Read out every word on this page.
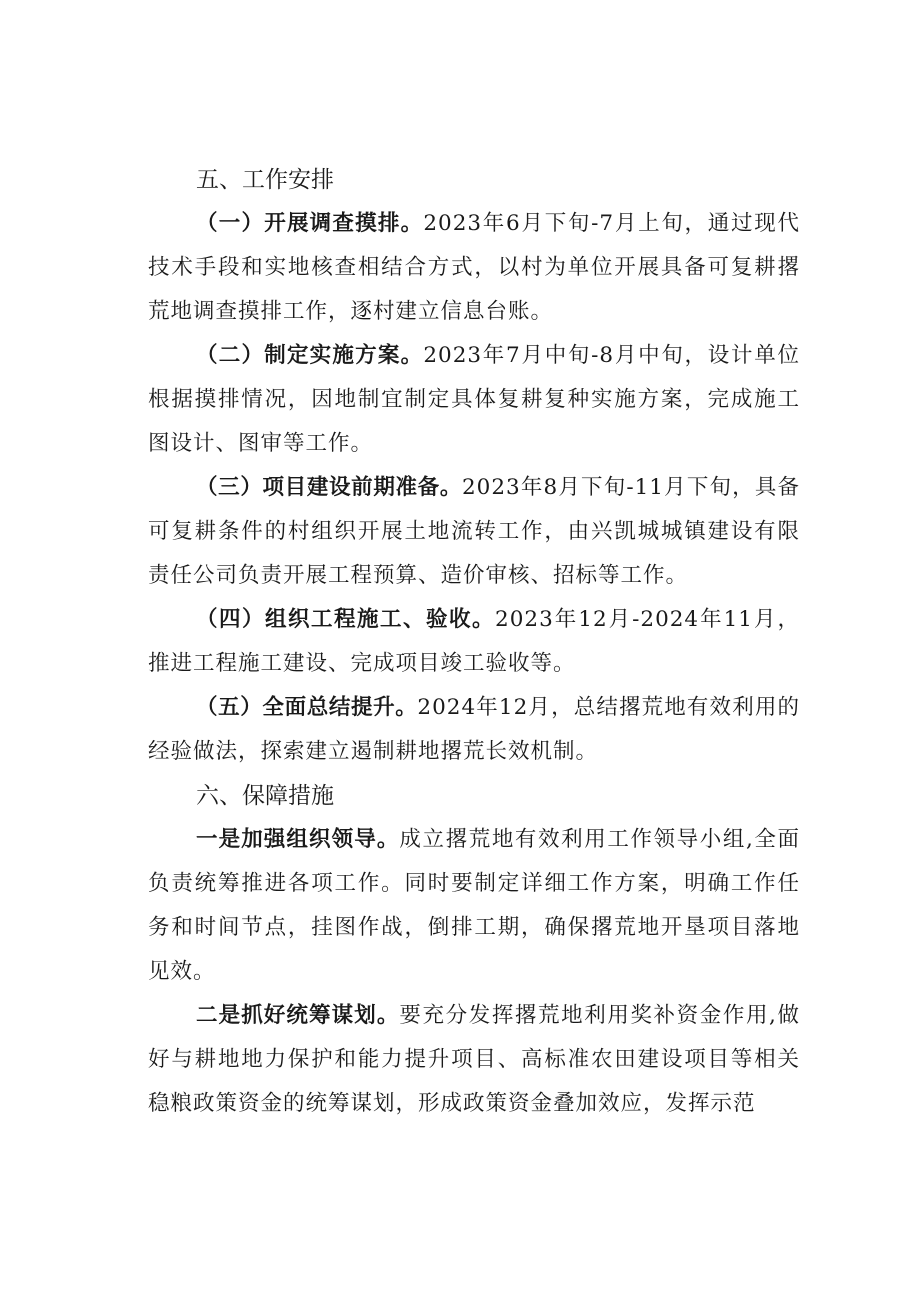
五、工作安排

（一）开展调查摸排。2023年6月下旬-7月上旬，通过现代技术手段和实地核查相结合方式，以村为单位开展具备可复耕撂荒地调查摸排工作，逐村建立信息台账。

（二）制定实施方案。2023年7月中旬-8月中旬，设计单位根据摸排情况，因地制宜制定具体复耕复种实施方案，完成施工图设计、图审等工作。

（三）项目建设前期准备。2023年8月下旬-11月下旬，具备可复耕条件的村组织开展土地流转工作，由兴凯城城镇建设有限责任公司负责开展工程预算、造价审核、招标等工作。

（四）组织工程施工、验收。2023年12月-2024年11月，推进工程施工建设、完成项目竣工验收等。

（五）全面总结提升。2024年12月，总结撂荒地有效利用的经验做法，探索建立遏制耕地撂荒长效机制。

六、保障措施

一是加强组织领导。成立撂荒地有效利用工作领导小组,全面负责统筹推进各项工作。同时要制定详细工作方案，明确工作任务和时间节点，挂图作战，倒排工期，确保撂荒地开垦项目落地见效。

二是抓好统筹谋划。要充分发挥撂荒地利用奖补资金作用,做好与耕地地力保护和能力提升项目、高标准农田建设项目等相关稳粮政策资金的统筹谋划，形成政策资金叠加效应，发挥示范
